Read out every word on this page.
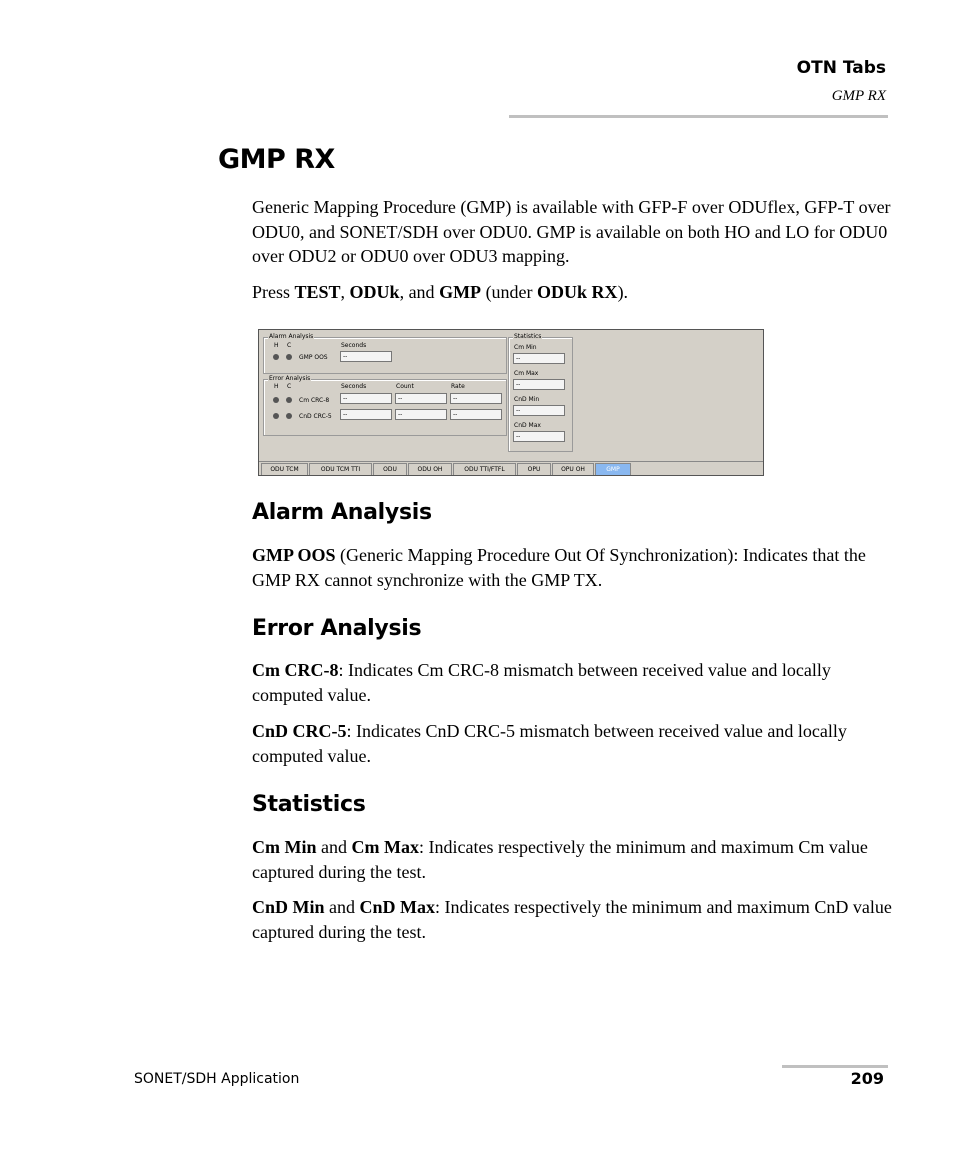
OTN Tabs
GMP RX
GMP RX

Generic Mapping Procedure (GMP) is available with GFP-F over ODUflex, GFP-T over ODU0, and SONET/SDH over ODU0. GMP is available on both HO and LO for ODU0 over ODU2 or ODU0 over ODU3 mapping.

Press TEST, ODUk, and GMP (under ODUk RX).

Alarm Analysis
H C	Seconds
GMP OOS	--
Error Analysis
H C	Seconds	Count	Rate
Cm CRC-8	--	--	--
CnD CRC-5	--	--	--
Statistics
Cm Min
--
Cm Max
--
CnD Min
--
CnD Max
--
ODU TCM	ODU TCM TTI	ODU	ODU OH	ODU TTI/FTFL	OPU	OPU OH	GMP
Alarm Analysis

GMP OOS (Generic Mapping Procedure Out Of Synchronization): Indicates that the GMP RX cannot synchronize with the GMP TX.

Error Analysis

Cm CRC-8: Indicates Cm CRC-8 mismatch between received value and locally computed value.

CnD CRC-5: Indicates CnD CRC-5 mismatch between received value and locally computed value.

Statistics

Cm Min and Cm Max: Indicates respectively the minimum and maximum Cm value captured during the test.

CnD Min and CnD Max: Indicates respectively the minimum and maximum CnD value captured during the test.

SONET/SDH Application	209
